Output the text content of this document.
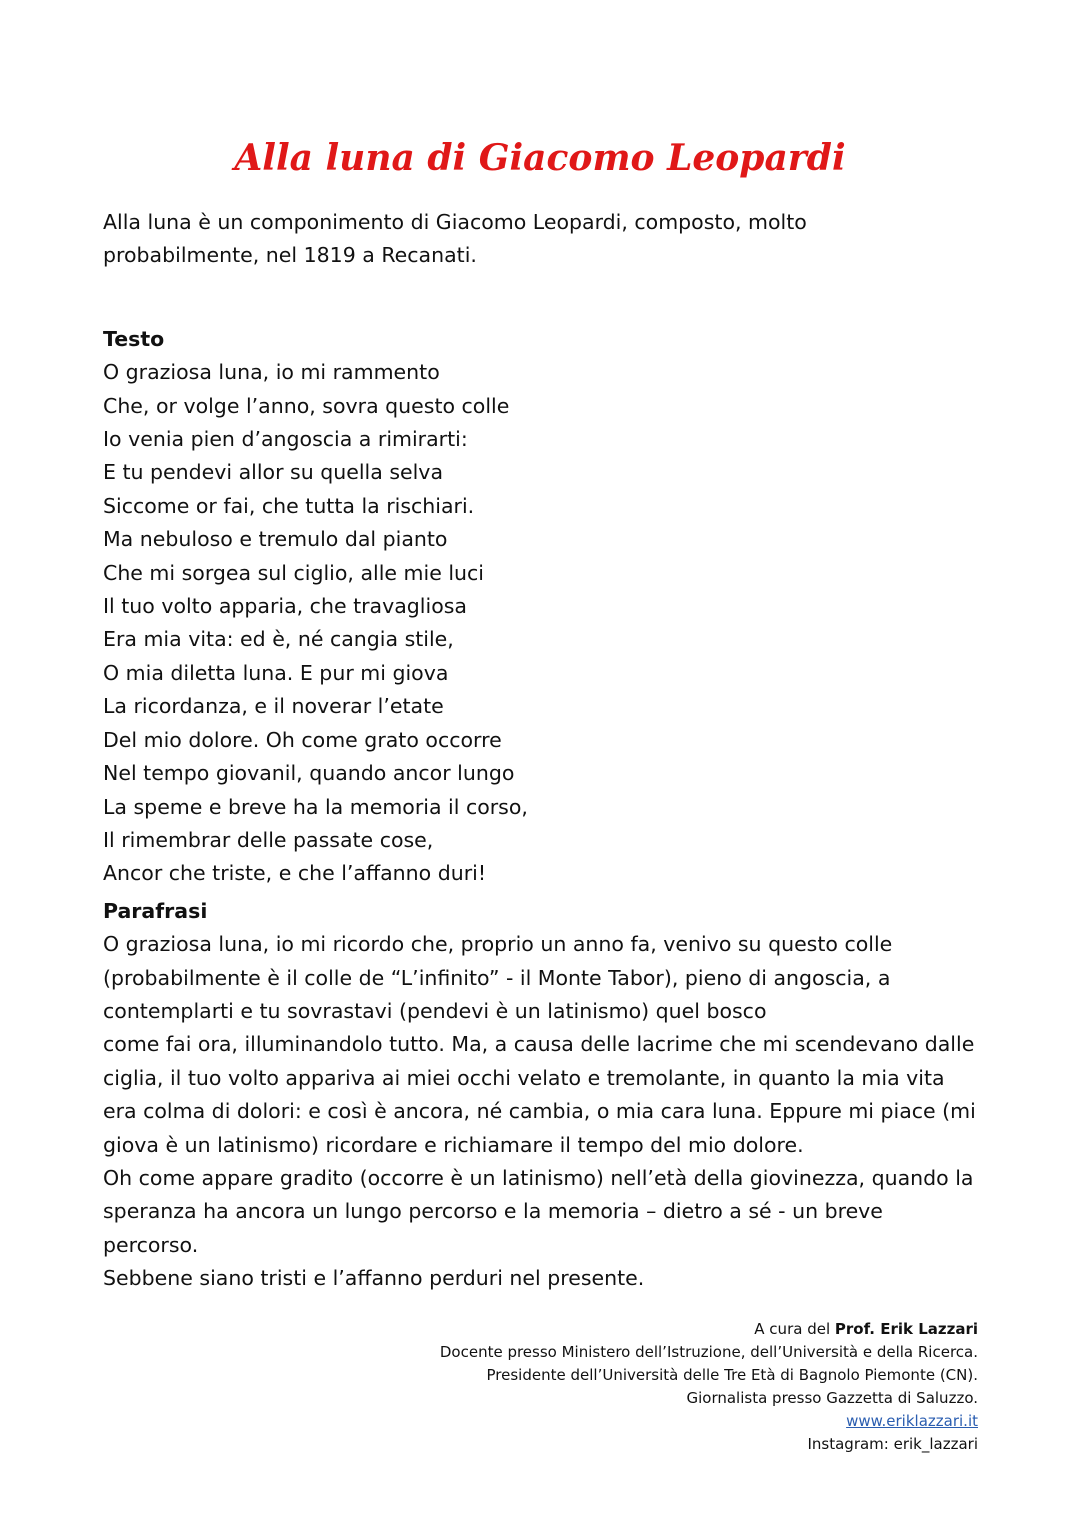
Alla luna di Giacomo Leopardi

Alla luna è un componimento di Giacomo Leopardi, composto, molto

probabilmente, nel 1819 a Recanati.

Testo

O graziosa luna, io mi rammento

Che, or volge l’anno, sovra questo colle

Io venia pien d’angoscia a rimirarti:

E tu pendevi allor su quella selva

Siccome or fai, che tutta la rischiari.

Ma nebuloso e tremulo dal pianto

Che mi sorgea sul ciglio, alle mie luci

Il tuo volto apparia, che travagliosa

Era mia vita: ed è, né cangia stile,

O mia diletta luna. E pur mi giova

La ricordanza, e il noverar l’etate

Del mio dolore. Oh come grato occorre

Nel tempo giovanil, quando ancor lungo

La speme e breve ha la memoria il corso,

Il rimembrar delle passate cose,

Ancor che triste, e che l’affanno duri!

Parafrasi

O graziosa luna, io mi ricordo che, proprio un anno fa, venivo su questo colle

(probabilmente è il colle de “L’infinito” - il Monte Tabor), pieno di angoscia, a

contemplarti e tu sovrastavi (pendevi è un latinismo) quel bosco

come fai ora, illuminandolo tutto. Ma, a causa delle lacrime che mi scendevano dalle

ciglia, il tuo volto appariva ai miei occhi velato e tremolante, in quanto la mia vita

era colma di dolori: e così è ancora, né cambia, o mia cara luna. Eppure mi piace (mi

giova è un latinismo) ricordare e richiamare il tempo del mio dolore.

Oh come appare gradito (occorre è un latinismo) nell’età della giovinezza, quando la

speranza ha ancora un lungo percorso e la memoria – dietro a sé - un breve

percorso.

Sebbene siano tristi e l’affanno perduri nel presente.

A cura del Prof. Erik Lazzari

Docente presso Ministero dell’Istruzione, dell’Università e della Ricerca.

Presidente dell’Università delle Tre Età di Bagnolo Piemonte (CN).

Giornalista presso Gazzetta di Saluzzo.

www.eriklazzari.it

Instagram: erik_lazzari
